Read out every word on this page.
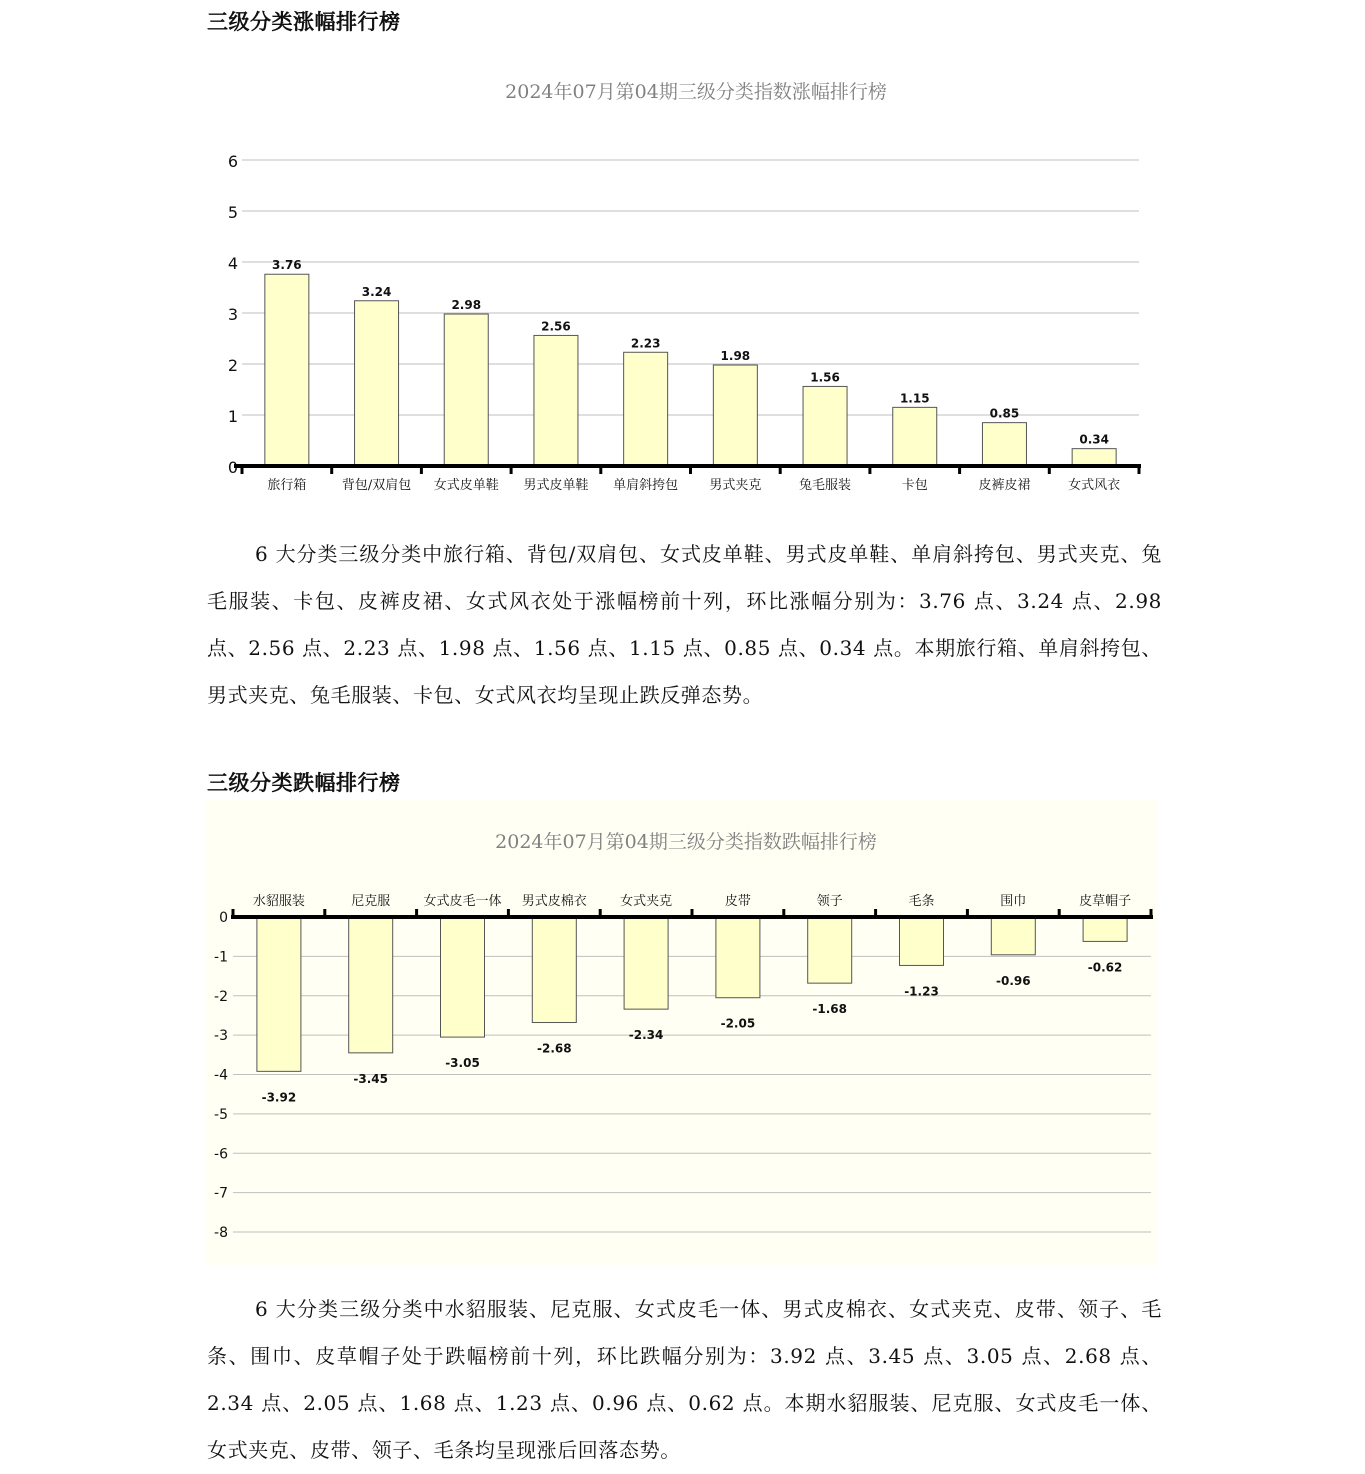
三级分类涨幅排行榜
2024年07月第04期三级分类指数涨幅排行榜
0
1
2
3
4
5
6
3.76
旅行箱
3.24
背包/双肩包
2.98
女式皮单鞋
2.56
男式皮单鞋
2.23
单肩斜挎包
1.98
男式夹克
1.56
兔毛服装
1.15
卡包
0.85
皮裤皮裙
0.34
女式风衣

6 大分类三级分类中旅行箱、背包/双肩包、女式皮单鞋、男式皮单鞋、单肩斜挎包、男式夹克、兔毛服装、卡包、皮裤皮裙、女式风衣处于涨幅榜前十列，环比涨幅分别为：3.76 点、3.24 点、2.98 点、2.56 点、2.23 点、1.98 点、1.56 点、1.15 点、0.85 点、0.34 点。本期旅行箱、单肩斜挎包、男式夹克、兔毛服装、卡包、女式风衣均呈现止跌反弹态势。

三级分类跌幅排行榜
2024年07月第04期三级分类指数跌幅排行榜
0
-1
-2
-3
-4
-5
-6
-7
-8
-3.92
水貂服装
-3.45
尼克服
-3.05
女式皮毛一体
-2.68
男式皮棉衣
-2.34
女式夹克
-2.05
皮带
-1.68
领子
-1.23
毛条
-0.96
围巾
-0.62
皮草帽子

6 大分类三级分类中水貂服装、尼克服、女式皮毛一体、男式皮棉衣、女式夹克、皮带、领子、毛条、围巾、皮草帽子处于跌幅榜前十列，环比跌幅分别为：3.92 点、3.45 点、3.05 点、2.68 点、2.34 点、2.05 点、1.68 点、1.23 点、0.96 点、0.62 点。本期水貂服装、尼克服、女式皮毛一体、女式夹克、皮带、领子、毛条均呈现涨后回落态势。
